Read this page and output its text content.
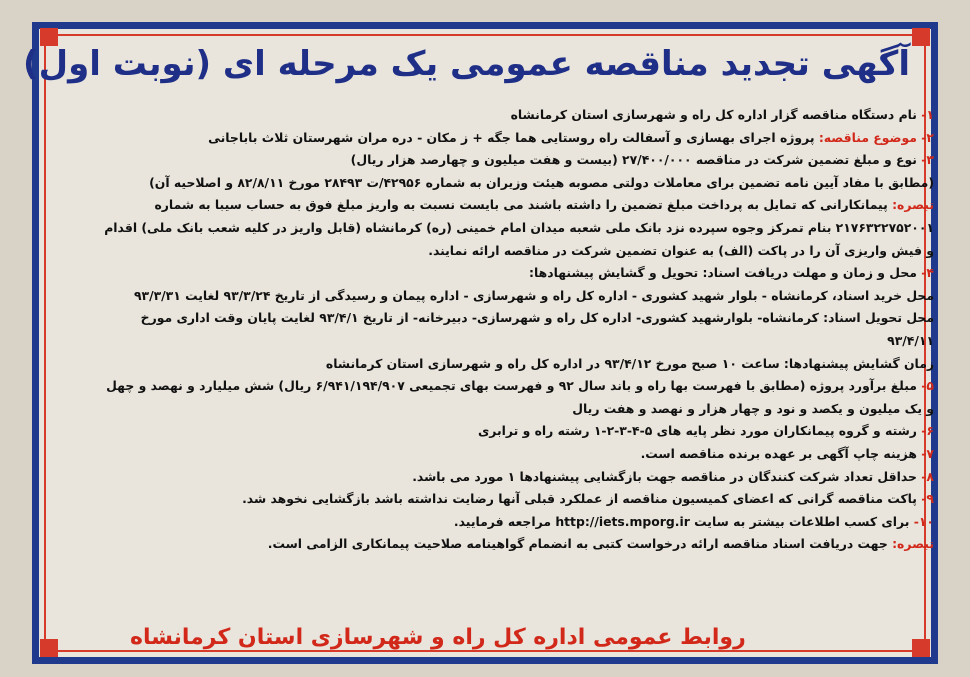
آگهی تجدید مناقصه عمومی یک مرحله ای (نوبت اول)
۱- نام دستگاه مناقصه گزار اداره کل راه و شهرسازی استان کرمانشاه
۲- موضوع مناقصه: پروژه اجرای بهسازی و آسفالت راه روستایی هما جگه + ز مکان - دره مران شهرستان ثلاث باباجانی
۳- نوع و مبلغ تضمین شرکت در مناقصه ۲۷/۴۰۰/۰۰۰ (بیست و هفت میلیون و چهارصد هزار ریال)
(مطابق با مفاد آیین نامه تضمین برای معاملات دولتی مصوبه هیئت وزیران به شماره ۴۲۹۵۶/ت ۲۸۴۹۳ مورخ ۸۲/۸/۱۱ و اصلاحیه آن)
تبصره: پیمانکارانی که تمایل به پرداخت مبلغ تضمین را داشته باشند می بایست نسبت به واریز مبلغ فوق به حساب سیبا به شماره
۲۱۷۶۳۲۲۷۵۲۰۰۱ بنام تمرکز وجوه سپرده نزد بانک ملی شعبه میدان امام خمینی (ره) کرمانشاه (قابل واریز در کلیه شعب بانک ملی) اقدام
و فیش واریزی آن را در پاکت (الف) به عنوان تضمین شرکت در مناقصه ارائه نمایند.
۴- محل و زمان و مهلت دریافت اسناد: تحویل و گشایش پیشنهادها:
محل خرید اسناد، کرمانشاه - بلوار شهید کشوری - اداره کل راه و شهرسازی - اداره پیمان و رسیدگی از تاریخ ۹۳/۳/۲۴ لغایت ۹۳/۳/۳۱
محل تحویل اسناد: کرمانشاه- بلوارشهید کشوری- اداره کل راه و شهرسازی- دبیرخانه- از تاریخ ۹۳/۴/۱ لغایت پایان وقت اداری مورخ
۹۳/۴/۱۱
زمان گشایش پیشنهادها: ساعت ۱۰ صبح مورخ ۹۳/۴/۱۲ در اداره کل راه و شهرسازی استان کرمانشاه
۵- مبلغ برآورد پروژه (مطابق با فهرست بها راه و باند سال ۹۲ و فهرست بهای تجمیعی ۶/۹۴۱/۱۹۴/۹۰۷ ریال) شش میلیارد و نهصد و چهل
و یک میلیون و یکصد و نود و چهار هزار و نهصد و هفت ریال
۶- رشته و گروه پیمانکاران مورد نظر پایه های ۵-۴-۳-۲-۱ رشته راه و ترابری
۷- هزینه چاپ آگهی بر عهده برنده مناقصه است.
۸- حداقل تعداد شرکت کنندگان در مناقصه جهت بازگشایی پیشنهادها ۱ مورد می باشد.
۹- پاکت مناقصه گرانی که اعضای کمیسیون مناقصه از عملکرد قبلی آنها رضایت نداشته باشد بازگشایی نخوهد شد.
۱۰- برای کسب اطلاعات بیشتر به سایت http://iets.mporg.ir مراجعه فرمایید.
تبصره: جهت دریافت اسناد مناقصه ارائه درخواست کتبی به انضمام گواهینامه صلاحیت پیمانکاری الزامی است.
روابط عمومی اداره کل راه و شهرسازی استان کرمانشاه
